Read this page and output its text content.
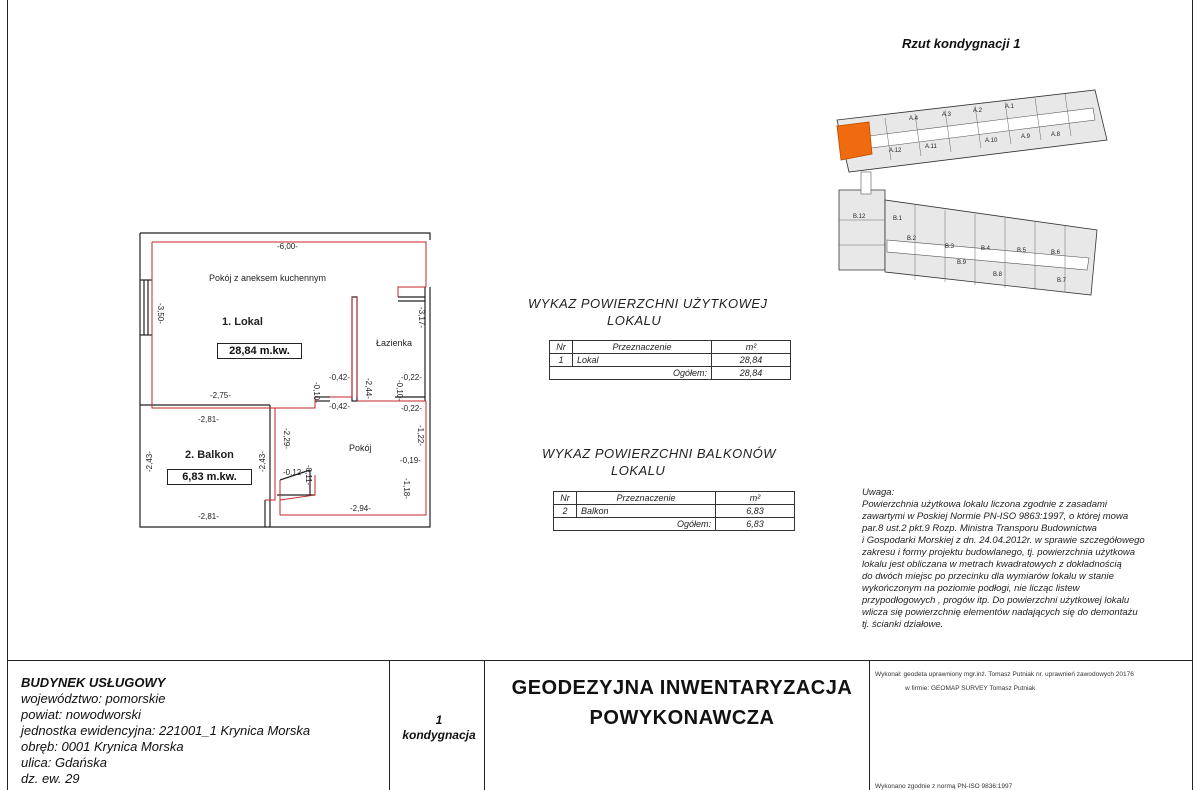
Pokój z aneksem kuchennym
1. Lokal
28,84 m.kw.
Łazienka
Pokój
2. Balkon
6,83 m.kw.
-6,00-
-3,50-	-3,17-
-2,75-
-2,81-
-2,81-
-2,43-	-2,43-
-2,29-
-0,42-
-0,42-
-0,22-
-0,22-
-2,44-
-0,10-	-0,10-
-1,22-
-0,19-
-1,18-
-0,12- -0,11-
-2,94-
Rzut kondygnacji 1
A.4
A.3
A.2
A.1
A.12
A.11
A.10
A.9	A.8
B.12	B.1
B.2
B.3	B.4	B.5	B.6
B.7
B.8
B.9
WYKAZ POWIERZCHNI UŻYTKOWEJ
LOKALU
Nr	Przeznaczenie	m²
1	Lokal	28,84
Ogółem:		28,84
WYKAZ POWIERZCHNI BALKONÓW
LOKALU
Nr	Przeznaczenie	m²
2	Balkon	6,83
Ogółem:		6,83
Uwaga:
Powierzchnia użytkowa lokalu liczona zgodnie z zasadami
zawartymi w Poskiej Normie PN-ISO 9863:1997, o której mowa
par.8 ust.2 pkt.9 Rozp. Ministra Transporu Budownictwa
i Gospodarki Morskiej z dn. 24.04.2012r. w sprawie szczegółowego
zakresu i formy projektu budowlanego, tj. powierzchnia użytkowa
lokalu jest obliczana w metrach kwadratowych z dokładnością
do dwóch miejsc po przecinku dla wymiarów lokalu w stanie
wykończonym na poziomie podłogi, nie licząc listew
przypodłogowych , progów itp. Do powierzchni użytkowej lokalu
wlicza się powierzchnię elementów nadających się do demontażu
tj. ścianki działowe.
BUDYNEK USŁUGOWY
województwo: pomorskie
powiat: nowodworski
jednostka ewidencyjna: 221001_1 Krynica Morska
obręb: 0001 Krynica Morska
ulica: Gdańska
dz. ew. 29
1
kondygnacja
GEODEZYJNA INWENTARYZACJA
POWYKONAWCZA
Wykonał: geodeta uprawniony mgr.inż. Tomasz Putniak nr. uprawnień zawodowych 20176
w firmie: GEOMAP SURVEY Tomasz Putniak
Wykonano zgodnie z normą PN-ISO 9836:1997
